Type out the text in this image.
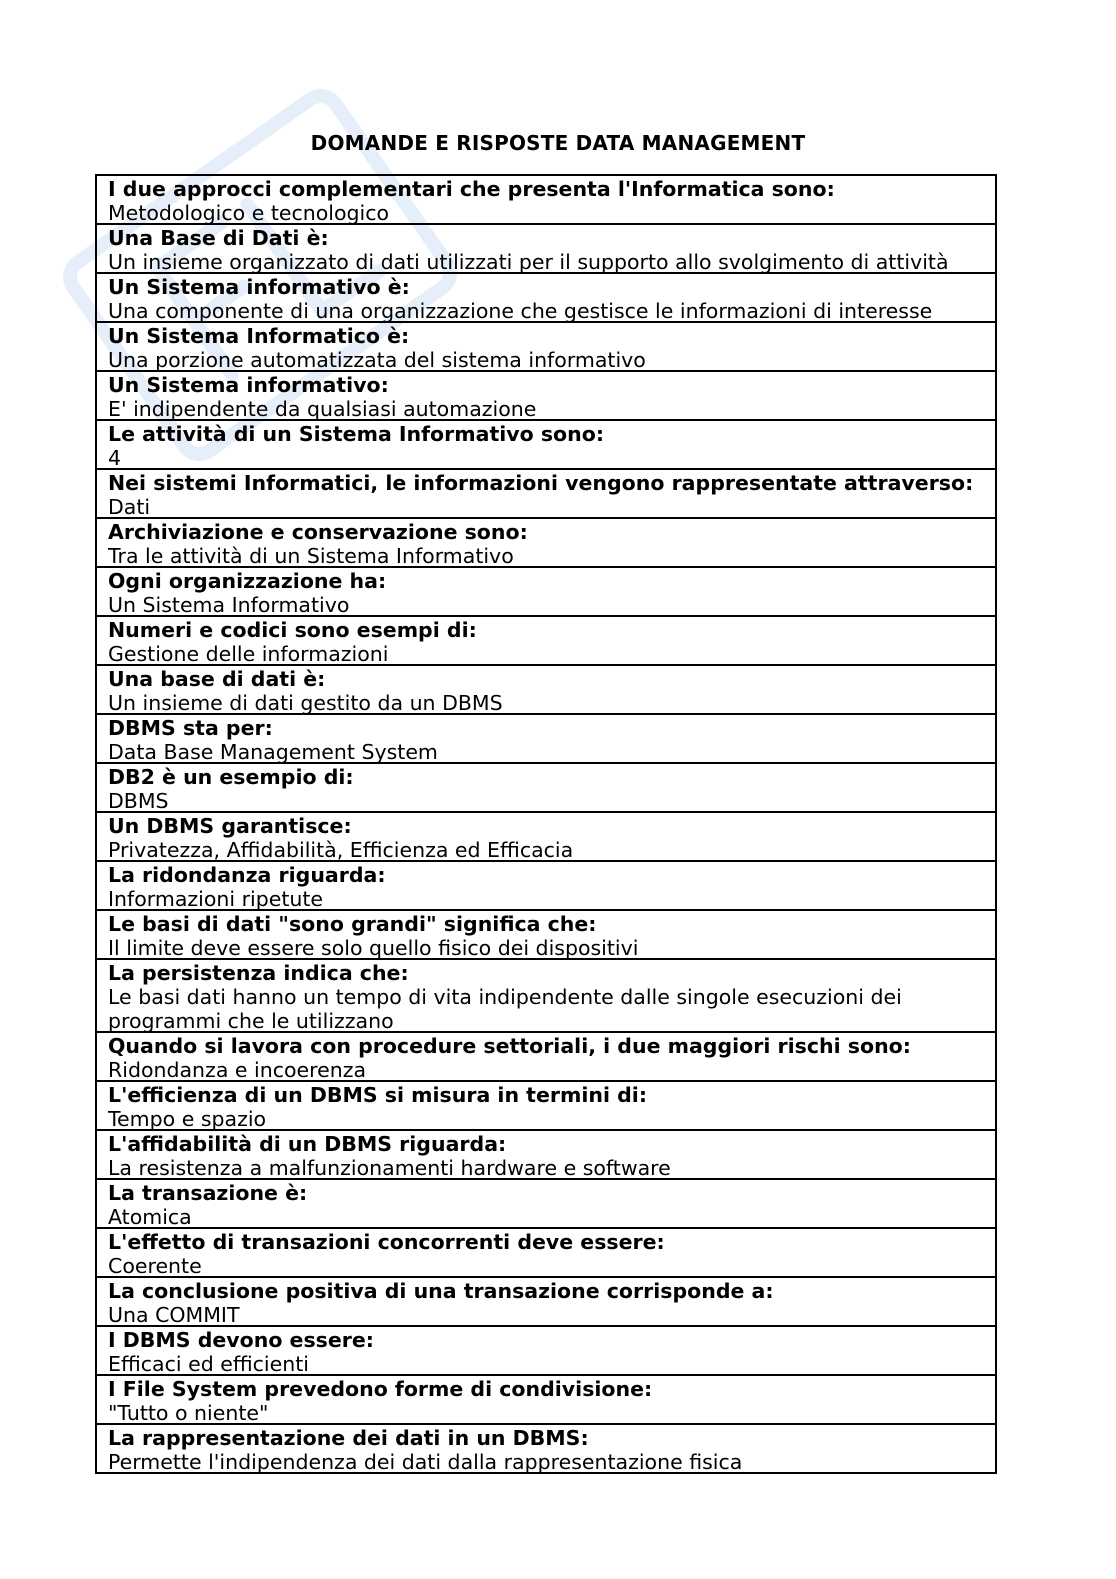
DOMANDE E RISPOSTE DATA MANAGEMENT
I due approcci complementari che presenta l'Informatica sono:
Metodologico e tecnologico
Una Base di Dati è:
Un insieme organizzato di dati utilizzati per il supporto allo svolgimento di attività
Un Sistema informativo è:
Una componente di una organizzazione che gestisce le informazioni di interesse
Un Sistema Informatico è:
Una porzione automatizzata del sistema informativo
Un Sistema informativo:
E' indipendente da qualsiasi automazione
Le attività di un Sistema Informativo sono:
4
Nei sistemi Informatici, le informazioni vengono rappresentate attraverso:
Dati
Archiviazione e conservazione sono:
Tra le attività di un Sistema Informativo
Ogni organizzazione ha:
Un Sistema Informativo
Numeri e codici sono esempi di:
Gestione delle informazioni
Una base di dati è:
Un insieme di dati gestito da un DBMS
DBMS sta per:
Data Base Management System
DB2 è un esempio di:
DBMS
Un DBMS garantisce:
Privatezza, Affidabilità, Efficienza ed Efficacia
La ridondanza riguarda:
Informazioni ripetute
Le basi di dati "sono grandi" significa che:
Il limite deve essere solo quello fisico dei dispositivi
La persistenza indica che:
Le basi dati hanno un tempo di vita indipendente dalle singole esecuzioni dei programmi che le utilizzano
Quando si lavora con procedure settoriali, i due maggiori rischi sono:
Ridondanza e incoerenza
L'efficienza di un DBMS si misura in termini di:
Tempo e spazio
L'affidabilità di un DBMS riguarda:
La resistenza a malfunzionamenti hardware e software
La transazione è:
Atomica
L'effetto di transazioni concorrenti deve essere:
Coerente
La conclusione positiva di una transazione corrisponde a:
Una COMMIT
I DBMS devono essere:
Efficaci ed efficienti
I File System prevedono forme di condivisione:
"Tutto o niente"
La rappresentazione dei dati in un DBMS:
Permette l'indipendenza dei dati dalla rappresentazione fisica
